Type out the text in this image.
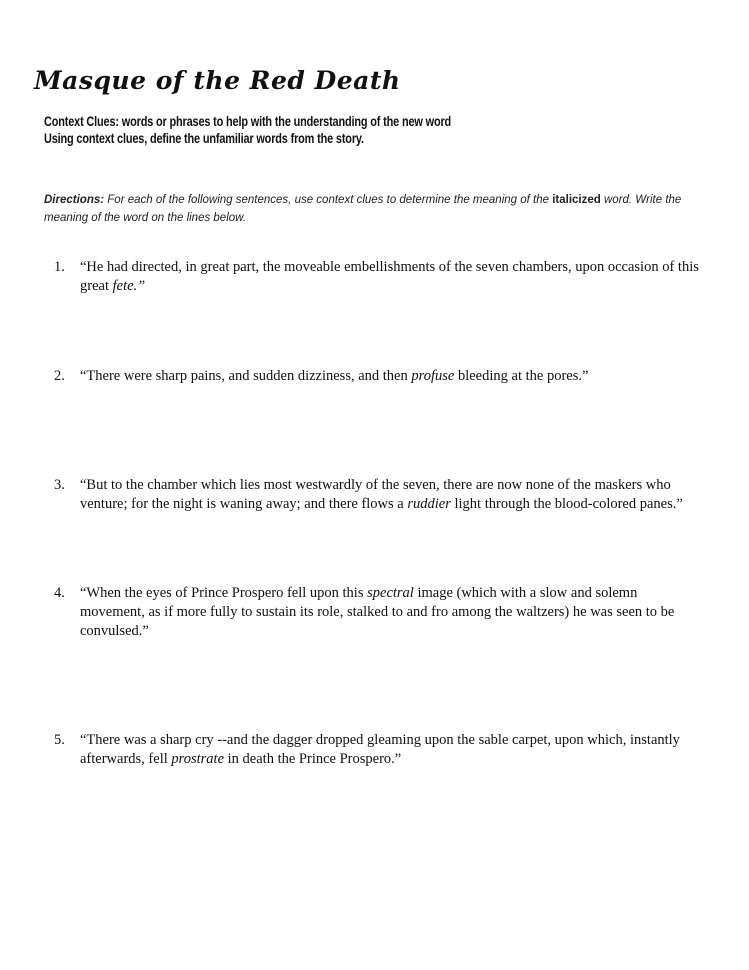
Masque of the Red Death
Context Clues: words or phrases to help with the understanding of the new word
Using context clues, define the unfamiliar words from the story.
Directions: For each of the following sentences, use context clues to determine the meaning of the italicized word. Write the meaning of the word on the lines below.
1. “He had directed, in great part, the moveable embellishments of the seven chambers, upon occasion of this great fete.”
2. “There were sharp pains, and sudden dizziness, and then profuse bleeding at the pores.”
3. “But to the chamber which lies most westwardly of the seven, there are now none of the maskers who venture; for the night is waning away; and there flows a ruddier light through the blood-colored panes.”
4. “When the eyes of Prince Prospero fell upon this spectral image (which with a slow and solemn movement, as if more fully to sustain its role, stalked to and fro among the waltzers) he was seen to be convulsed.”
5. “There was a sharp cry --and the dagger dropped gleaming upon the sable carpet, upon which, instantly afterwards, fell prostrate in death the Prince Prospero.”
